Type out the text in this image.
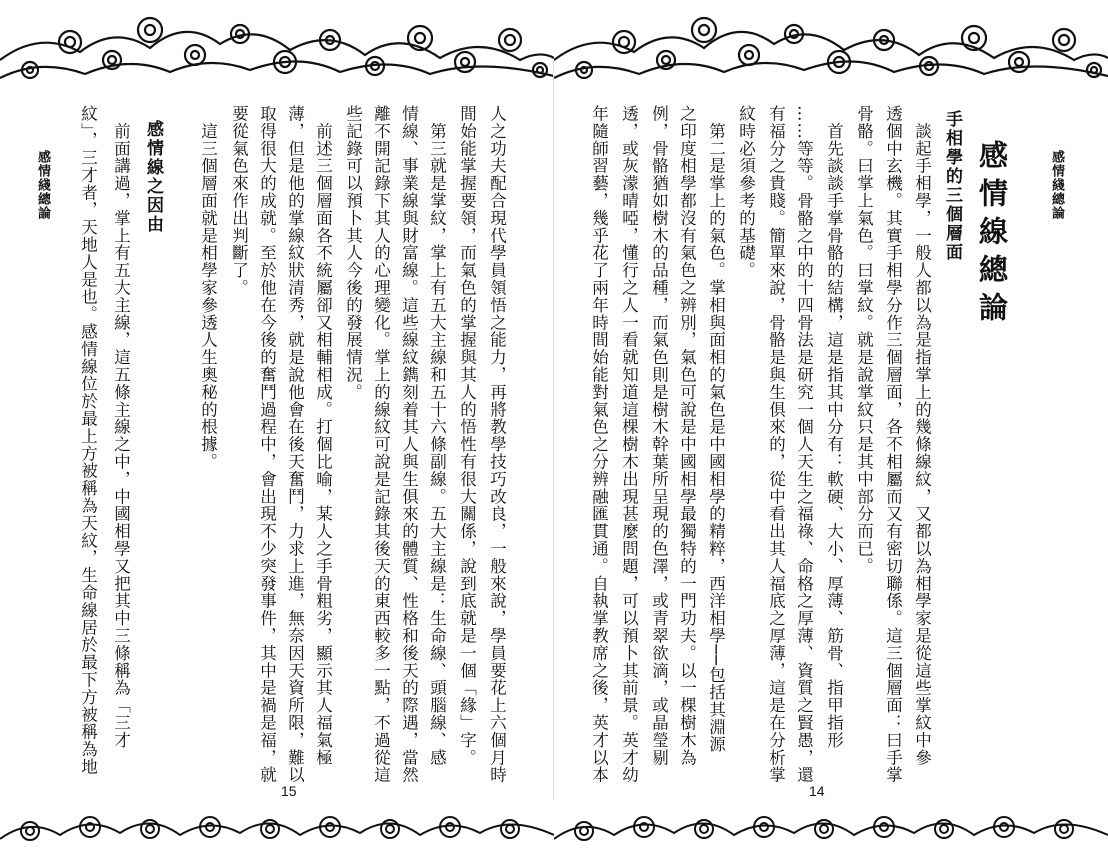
感情綫總論 紋」，三才者，天地人是也。感情線位於最上方被稱為天紋，生命線居於最下方被稱為地 　前面講過，掌上有五大主線，這五條主線之中，中國相學又把其中三條稱為「三才 感情線之因由 　這三個層面就是相學家參透人生奧秘的根據。 要從氣色來作出判斷了。 取得很大的成就。至於他在今後的奮鬥過程中，會出現不少突發事件，其中是禍是福，就 薄，但是他的掌線紋狀清秀，就是說他會在後天奮鬥，力求上進，無奈因天資所限，難以 　前述三個層面各不統屬卻又相輔相成。打個比喻，某人之手骨粗劣，顯示其人福氣極 些記錄可以預卜其人今後的發展情況。 離不開記錄下其人的心理變化。掌上的線紋可說是記錄其後天的東西較多一點，不過從這 情線、事業線與財富線。這些線紋鐫刻着其人與生俱來的體質、性格和後天的際遇，當然 　第三就是掌紋，掌上有五大主線和五十六條副線。五大主線是：生命線、頭腦線、感 間始能掌握要領，而氣色的掌握與其人的悟性有很大關係，說到底就是一個「緣」字。 人之功夫配合現代學員領悟之能力，再將教學技巧改良，一般來說，學員要花上六個月時
15
年隨師習藝，幾乎花了兩年時間始能對氣色之分辨融匯貫通。自執掌教席之後，英才以本 透，或灰濛晴啞，懂行之人一看就知道這棵樹木出現甚麼問題，可以預卜其前景。英才幼 例，骨骼猶如樹木的品種，而氣色則是樹木幹葉所呈現的色澤，或青翠欲滴，或晶瑩剔 之印度相學都沒有氣色之辨別，氣色可說是中國相學最獨特的一門功夫。以一棵樹木為 　第二是掌上的氣色。掌相與面相的氣色是中國相學的精粹，西洋相學──包括其淵源 紋時必須參考的基礎。 有福分之貴賤。簡單來說，骨骼是與生俱來的，從中看出其人福底之厚薄，這是在分析掌 ……等等。骨骼之中的十四骨法是研究一個人天生之福祿、命格之厚薄、資質之賢愚，還 　首先談談手掌骨骼的結構，這是指其中分有：軟硬、大小、厚薄、筋骨、指甲指形 骨骼。曰掌上氣色。曰掌紋。就是說掌紋只是其中部分而已。 透個中玄機。其實手相學分作三個層面，各不相屬而又有密切聯係。這三個層面：曰手掌 　談起手相學，一般人都以為是指掌上的幾條線紋，又都以為相學家是從這些掌紋中參 手相學的三個層面 感情線總論	感情綫總論
14
